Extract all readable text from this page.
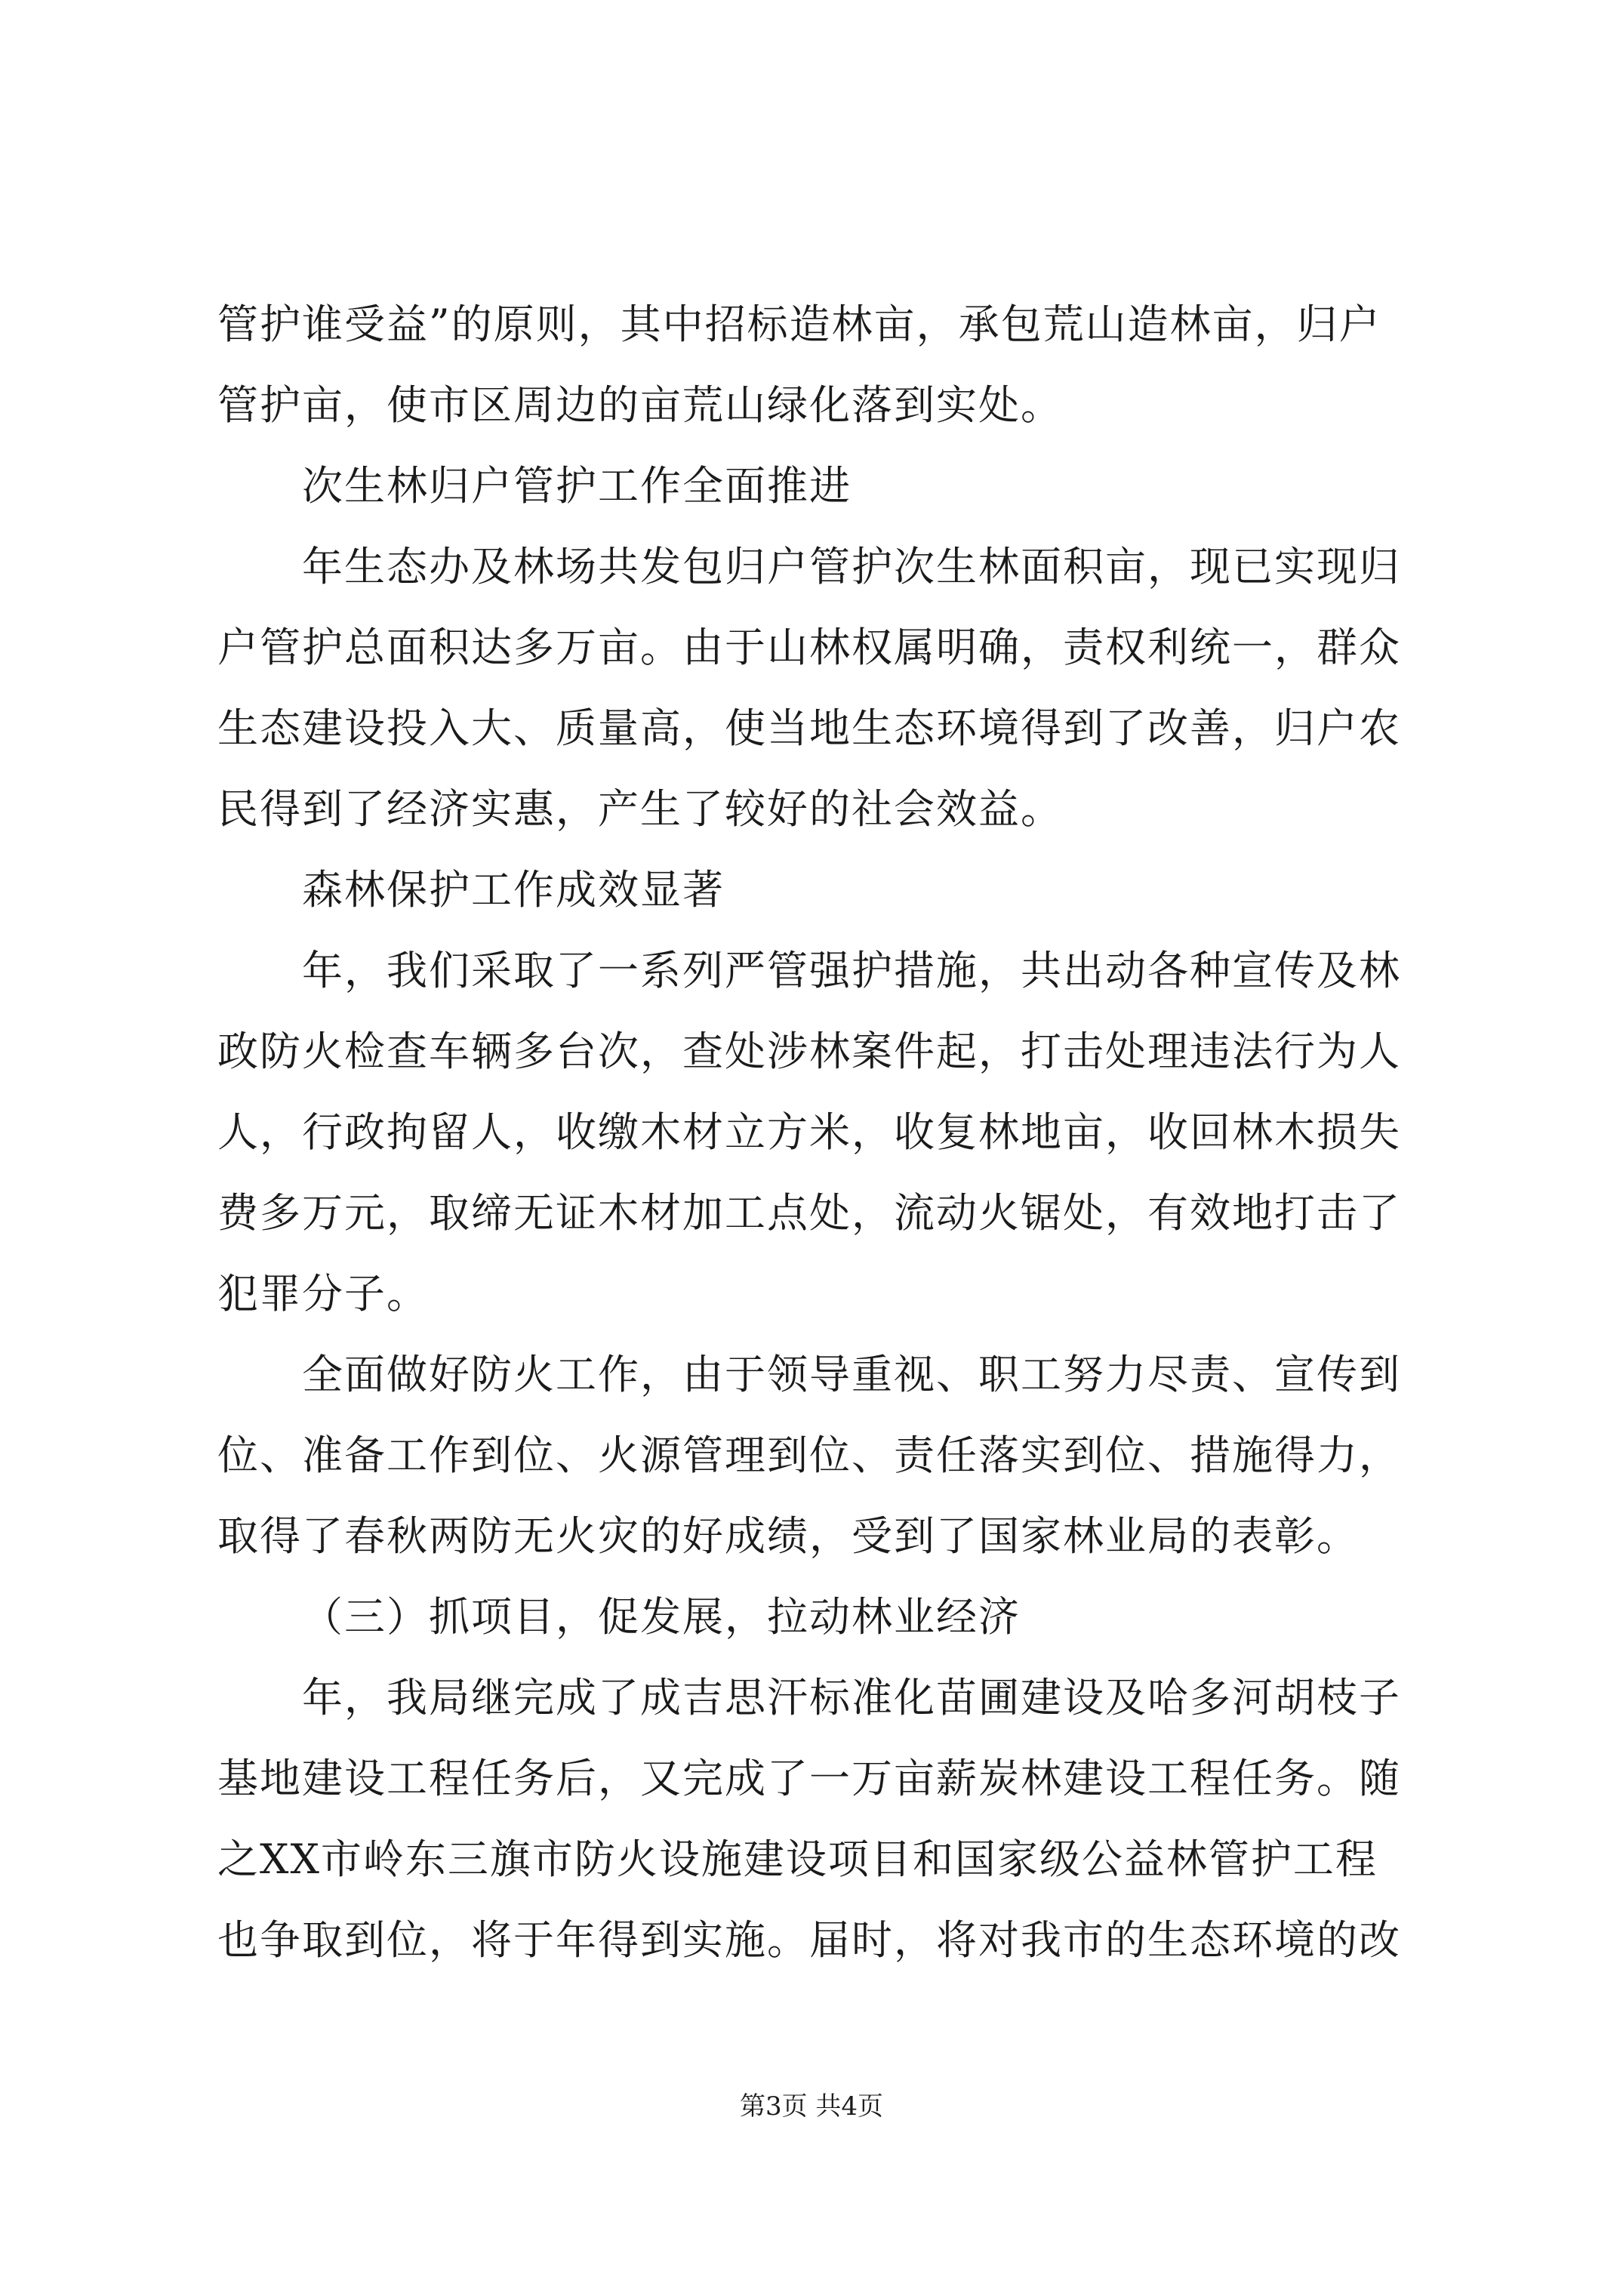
管护谁受益”的原则，其中招标造林亩，承包荒山造林亩，归户
管护亩，使市区周边的亩荒山绿化落到实处。
次生林归户管护工作全面推进
年生态办及林场共发包归户管护次生林面积亩，现已实现归
户管护总面积达多万亩。由于山林权属明确，责权利统一，群众
生态建设投入大、质量高，使当地生态环境得到了改善，归户农
民得到了经济实惠，产生了较好的社会效益。
森林保护工作成效显著
年，我们采取了一系列严管强护措施，共出动各种宣传及林
政防火检查车辆多台次，查处涉林案件起，打击处理违法行为人
人，行政拘留人，收缴木材立方米，收复林地亩，收回林木损失
费多万元，取缔无证木材加工点处，流动火锯处，有效地打击了
犯罪分子。
全面做好防火工作，由于领导重视、职工努力尽责、宣传到
位、准备工作到位、火源管理到位、责任落实到位、措施得力，
取得了春秋两防无火灾的好成绩，受到了国家林业局的表彰。
（三）抓项目，促发展，拉动林业经济
年，我局继完成了成吉思汗标准化苗圃建设及哈多河胡枝子
基地建设工程任务后，又完成了一万亩薪炭林建设工程任务。随
之XX市岭东三旗市防火设施建设项目和国家级公益林管护工程
也争取到位，将于年得到实施。届时，将对我市的生态环境的改
第3页 共4页
